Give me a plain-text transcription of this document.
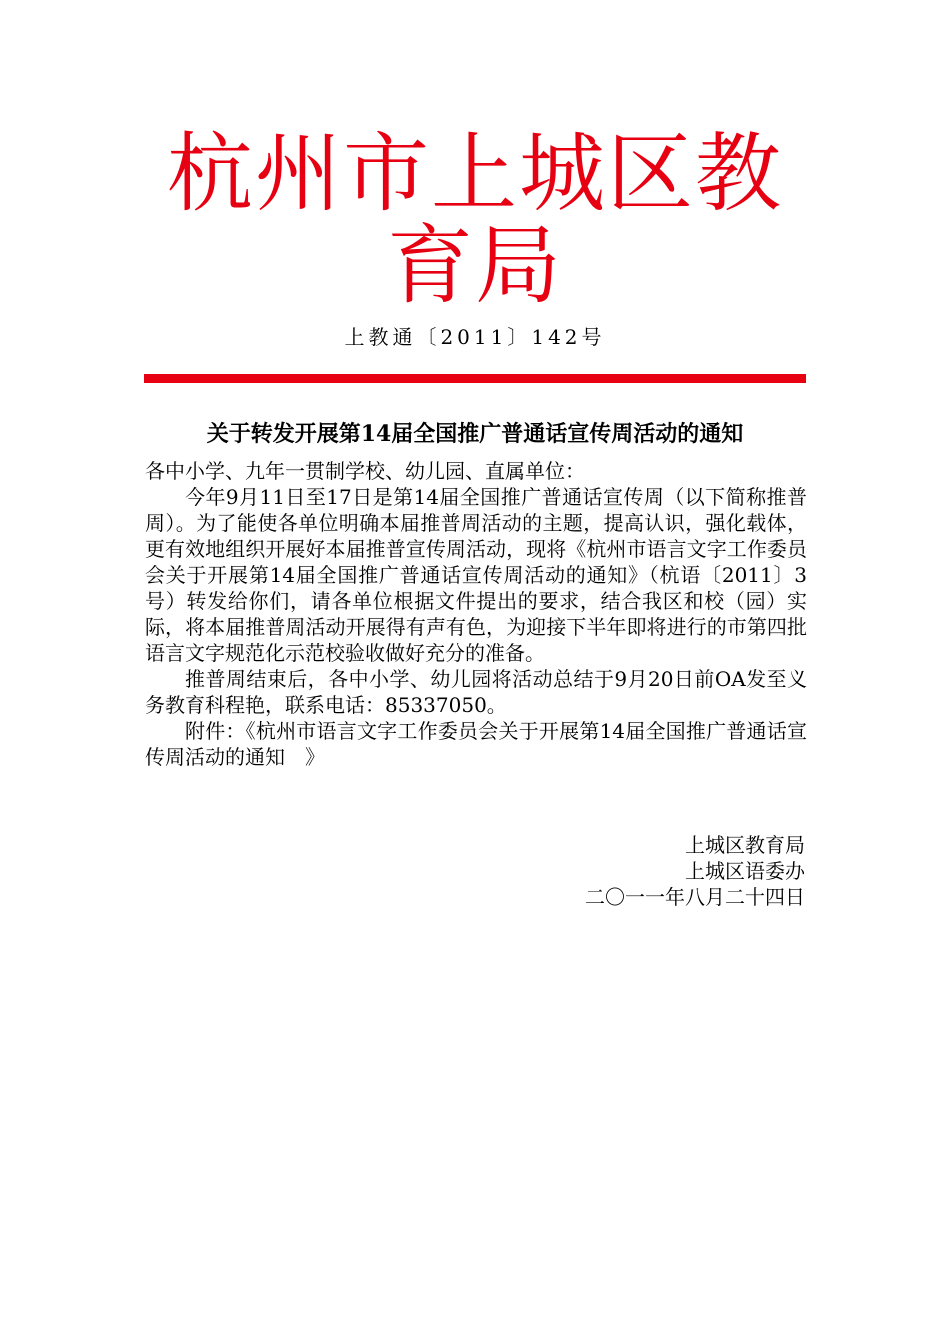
杭州市上城区教育局
上教通〔2011〕142号
关于转发开展第14届全国推广普通话宣传周活动的通知

各中小学、九年一贯制学校、幼儿园、直属单位：

今年9月11日至17日是第14届全国推广普通话宣传周（以下简称推普周）。为了能使各单位明确本届推普周活动的主题，提高认识，强化载体，更有效地组织开展好本届推普宣传周活动，现将《杭州市语言文字工作委员会关于开展第14届全国推广普通话宣传周活动的通知》（杭语〔2011〕3号）转发给你们，请各单位根据文件提出的要求，结合我区和校（园）实际，将本届推普周活动开展得有声有色，为迎接下半年即将进行的市第四批语言文字规范化示范校验收做好充分的准备。

推普周结束后，各中小学、幼儿园将活动总结于9月20日前OA发至义务教育科程艳，联系电话：85337050。

附件：《杭州市语言文字工作委员会关于开展第14届全国推广普通话宣传周活动的通知　》

上城区教育局
上城区语委办
二〇一一年八月二十四日
